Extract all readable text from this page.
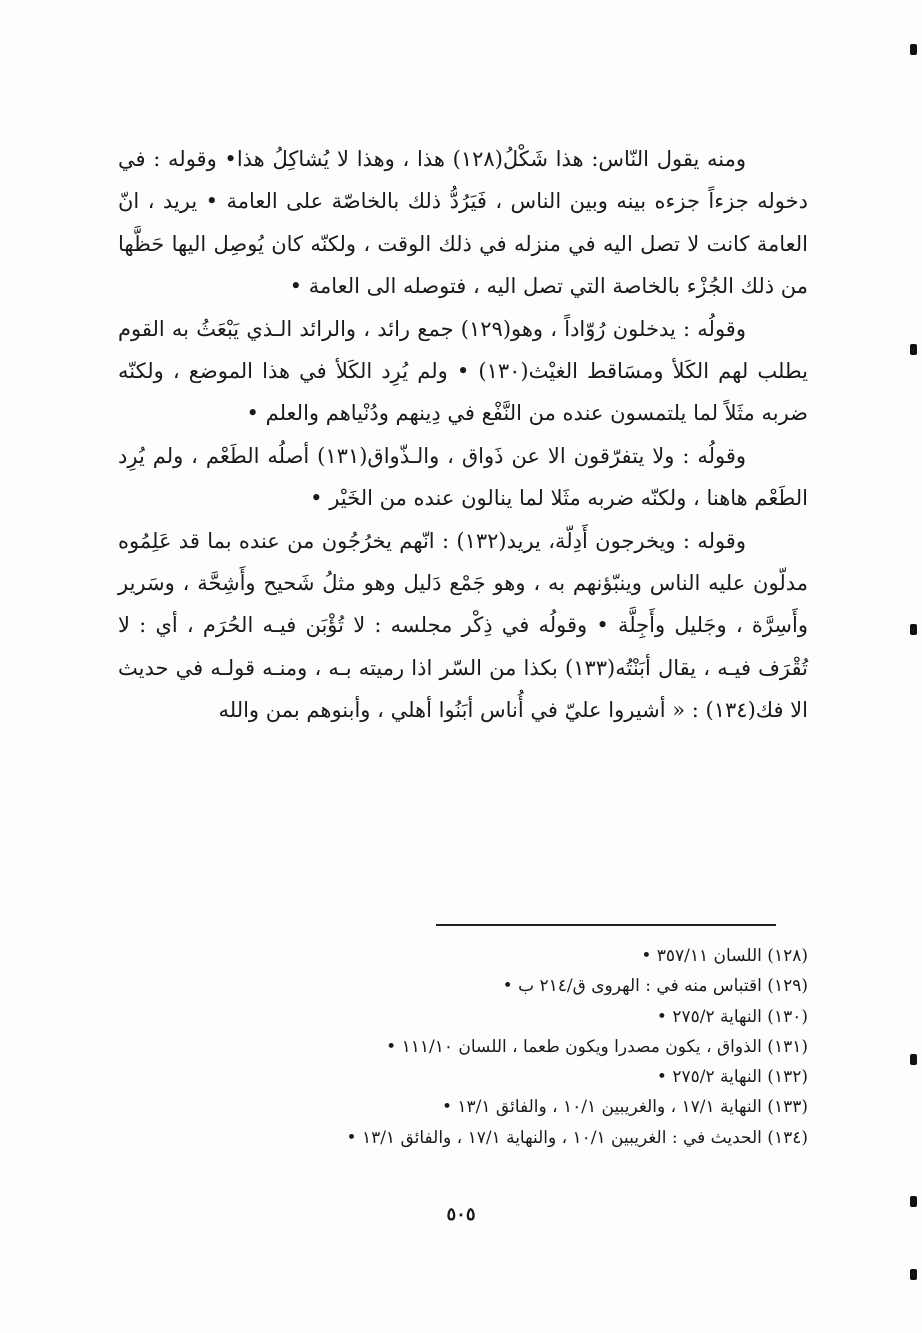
ومنه يقول النّاس: هذا شَكْلُ(١٢٨) هذا ، وهذا لا يُشاكِلُ هذا• وقوله : في دخوله جزءاً جزءه بينه وبين الناس ، فَيَرُدُّ ذلك بالخاصّة على العامة • يريد ، انّ العامة كانت لا تصل اليه في منزله في ذلك الوقت ، ولكنّه كان يُوصِل اليها حَظَّها من ذلك الجُزْء بالخاصة التي تصل اليه ، فتوصله الى العامة •

وقولُه : يدخلون رُوّاداً ، وهو(١٢٩) جمع رائد ، والرائد الـذي يَبْعَثُ به القوم يطلب لهم الكَلأ ومسَاقط الغيْث(١٣٠) • ولم يُرِد الكَلأ في هذا الموضع ، ولكنّه ضربه مثَلاً لما يلتمسون عنده من النَّفْع في دِينهم ودُنْياهم والعلم •

وقولُه : ولا يتفرّقون الا عن ذَواق ، والـذّواق(١٣١) أصلُه الطَعْم ، ولم يُرِد الطَعْم هاهنا ، ولكنّه ضربه مثَلا لما ينالون عنده من الخَيْر •

وقوله : ويخرجون أَدِلّة، يريد(١٣٢) : انّهم يخرُجُون من عنده بما قد عَلِمُوه مدلّون عليه الناس وينبّؤنهم به ، وهو جَمْع دَليل وهو مثلُ شَحيح وأَشِحَّة ، وسَرير وأَسِرَّة ، وجَليل وأَجِلَّة • وقولُه في ذِكْر مجلسه : لا تُؤْبَن فيـه الحُرَم ، أي : لا تُقْرَف فيـه ، يقال أبَنْتُه(١٣٣) بكذا من السّر اذا رميته بـه ، ومنـه قولـه في حديث الا فك(١٣٤) : « أشيروا عليّ في أُناس أبَنُوا أهلي ، وأبنوهم بمن والله

(١٢٨) اللسان ٣٥٧/١١ •

(١٢٩) اقتباس منه في : الهروى ق/٢١٤ ب •

(١٣٠) النهاية ٢٧٥/٢ •

(١٣١) الذواق ، يكون مصدرا ويكون طعما ، اللسان ١١١/١٠ •

(١٣٢) النهاية ٢٧٥/٢ •

(١٣٣) النهاية ١٧/١ ، والغريبين ١٠/١ ، والفائق ١٣/١ •

(١٣٤) الحديث في : الغريبين ١٠/١ ، والنهاية ١٧/١ ، والفائق ١٣/١ •

٥٠٥
